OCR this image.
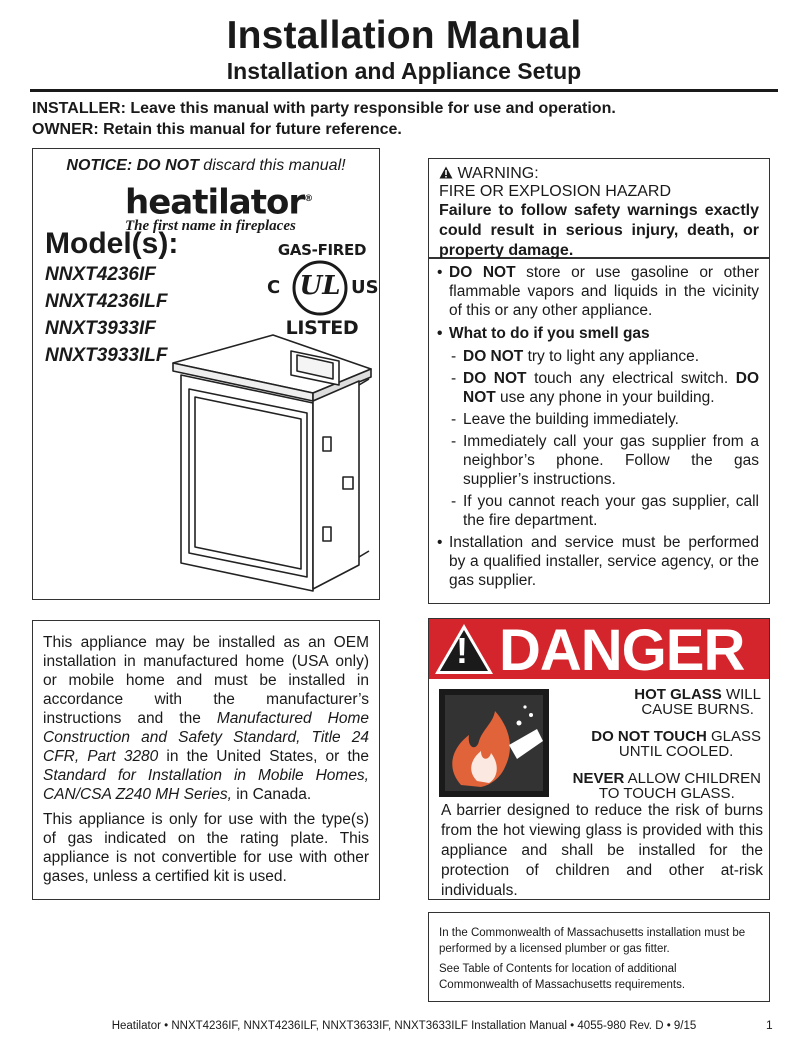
Installation Manual
Installation and Appliance Setup
INSTALLER: Leave this manual with party responsible for use and operation.
OWNER: Retain this manual for future reference.
NOTICE: DO NOT discard this manual!
heatilator®
The first name in fireplaces
Model(s):
NNXT4236IF
NNXT4236ILF
NNXT3933IF
NNXT3933ILF
GAS-FIRED
C UL US
LISTED
WARNING:
FIRE OR EXPLOSION HAZARD
Failure to follow safety warnings exactly could result in serious injury, death, or property damage.
• DO NOT store or use gasoline or other flammable vapors and liquids in the vicinity of this or any other appliance.
• What to do if you smell gas
- DO NOT try to light any appliance.
- DO NOT touch any electrical switch. DO NOT use any phone in your building.
- Leave the building immediately.
- Immediately call your gas supplier from a neighbor’s phone. Follow the gas supplier’s instructions.
- If you cannot reach your gas supplier, call the fire department.
• Installation and service must be performed by a qualified installer, service agency, or the gas supplier.

This appliance may be installed as an OEM installation in manufactured home (USA only) or mobile home and must be installed in accordance with the manufacturer’s instructions and the Manufactured Home Construction and Safety Standard, Title 24 CFR, Part 3280 in the United States, or the Standard for Installation in Mobile Homes, CAN/CSA Z240 MH Series, in Canada.

This appliance is only for use with the type(s) of gas indicated on the rating plate. This appliance is not convertible for use with other gases, unless a certified kit is used.

! DANGER
HOT GLASS WILL
CAUSE BURNS.
DO NOT TOUCH GLASS
UNTIL COOLED.
NEVER ALLOW CHILDREN
TO TOUCH GLASS.
A barrier designed to reduce the risk of burns from the hot viewing glass is provided with this appliance and shall be installed for the protection of children and other at-risk individuals.

In the Commonwealth of Massachusetts installation must be performed by a licensed plumber or gas fitter.

See Table of Contents for location of additional Commonwealth of Massachusetts requirements.

Heatilator • NNXT4236IF, NNXT4236ILF, NNXT3633IF, NNXT3633ILF Installation Manual • 4055-980 Rev. D • 9/15	1
